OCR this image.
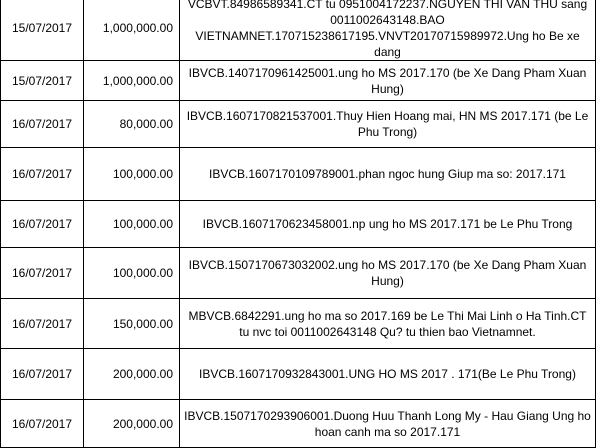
15/07/2017	1,000,000.00	VCBVT.84986589341.CT tu 0951004172237.NGUYEN THI VAN THU sang 0011002643148.BAO VIETNAMNET.170715238617195.VNVT20170715989972.Ung ho Be xe dang
15/07/2017	1,000,000.00	IBVCB.1407170961425001.ung ho MS 2017.170 (be Xe Dang Pham Xuan Hung)
16/07/2017	80,000.00	IBVCB.1607170821537001.Thuy Hien Hoang mai, HN MS 2017.171 (be Le Phu Trong)
16/07/2017	100,000.00	IBVCB.1607170109789001.phan ngoc hung Giup ma so: 2017.171
16/07/2017	100,000.00	IBVCB.1607170623458001.np ung ho MS 2017.171 be Le Phu Trong
16/07/2017	100,000.00	IBVCB.1507170673032002.ung ho MS 2017.170 (be Xe Dang Pham Xuan Hung)
16/07/2017	150,000.00	MBVCB.6842291.ung ho ma so 2017.169 be Le Thi Mai Linh o Ha Tinh.CT tu nvc toi 0011002643148 Qu? tu thien bao Vietnamnet.
16/07/2017	200,000.00	IBVCB.1607170932843001.UNG HO MS 2017 . 171(Be Le Phu Trong)
16/07/2017	200,000.00	IBVCB.1507170293906001.Duong Huu Thanh Long My - Hau Giang Ung ho hoan canh ma so 2017.171
